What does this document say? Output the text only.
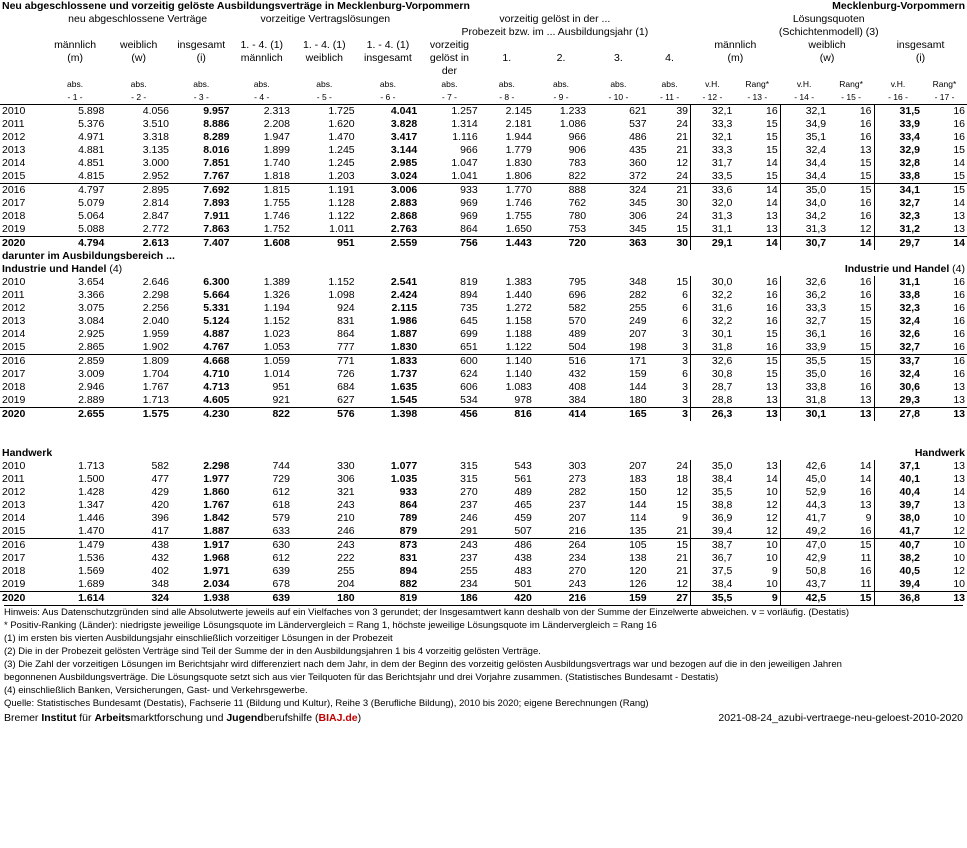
Neu abgeschlossene und vorzeitig gelöste Ausbildungsverträge in Mecklenburg-Vorpommern												Mecklenburg-Vorpommern					
	neu abgeschlossene Verträge			vorzeitige Vertragslösungen			vorzeitig gelöst in der ...					Lösungsquoten					
							Probezeit bzw. im ... Ausbildungsjahr (1)					(Schichtenmodell) (3)					
	männlich	weiblich	insgesamt	1. - 4. (1)	1. - 4. (1)	1. - 4. (1)	vorzeitig					männlich		weiblich		insgesamt	
	(m)	(w)	(i)	männlich	weiblich	insgesamt	gelöst in	1.	2.	3.	4.	(m)		(w)		(i)	
							der										
	abs.	abs.	abs.	abs.	abs.	abs.	abs.	abs.	abs.	abs.	abs.	v.H.	Rang*	v.H.	Rang*	v.H.	Rang*
	- 1 -	- 2 -	- 3 -	- 4 -	- 5 -	- 6 -	- 7 -	- 8 -	- 9 -	- 10 -	- 11 -	- 12 -	- 13 -	- 14 -	- 15 -	- 16 -	- 17 -
2010	5.898	4.056	9.957	2.313	1.725	4.041	1.257	2.145	1.233	621	39	32,1	16	32,1	16	31,5	16
2011	5.376	3.510	8.886	2.208	1.620	3.828	1.314	2.181	1.086	537	24	33,3	15	34,9	16	33,9	16
2012	4.971	3.318	8.289	1.947	1.470	3.417	1.116	1.944	966	486	21	32,1	15	35,1	16	33,4	16
2013	4.881	3.135	8.016	1.899	1.245	3.144	966	1.779	906	435	21	33,3	15	32,4	13	32,9	15
2014	4.851	3.000	7.851	1.740	1.245	2.985	1.047	1.830	783	360	12	31,7	14	34,4	15	32,8	14
2015	4.815	2.952	7.767	1.818	1.203	3.024	1.041	1.806	822	372	24	33,5	15	34,4	15	33,8	15
2016	4.797	2.895	7.692	1.815	1.191	3.006	933	1.770	888	324	21	33,6	14	35,0	15	34,1	15
2017	5.079	2.814	7.893	1.755	1.128	2.883	969	1.746	762	345	30	32,0	14	34,0	16	32,7	14
2018	5.064	2.847	7.911	1.746	1.122	2.868	969	1.755	780	306	24	31,3	13	34,2	16	32,3	13
2019	5.088	2.772	7.863	1.752	1.011	2.763	864	1.650	753	345	15	31,1	13	31,3	12	31,2	13
2020	4.794	2.613	7.407	1.608	951	2.559	756	1.443	720	363	30	29,1	14	30,7	14	29,7	14
darunter im Ausbildungsbereich ...																	
Industrie und Handel (4)												Industrie und Handel (4)					
2010	3.654	2.646	6.300	1.389	1.152	2.541	819	1.383	795	348	15	30,0	16	32,6	16	31,1	16
2011	3.366	2.298	5.664	1.326	1.098	2.424	894	1.440	696	282	6	32,2	16	36,2	16	33,8	16
2012	3.075	2.256	5.331	1.194	924	2.115	735	1.272	582	255	6	31,6	16	33,3	15	32,3	16
2013	3.084	2.040	5.124	1.152	831	1.986	645	1.158	570	249	6	32,2	16	32,7	15	32,4	16
2014	2.925	1.959	4.887	1.023	864	1.887	699	1.188	489	207	3	30,1	15	36,1	16	32,6	16
2015	2.865	1.902	4.767	1.053	777	1.830	651	1.122	504	198	3	31,8	16	33,9	15	32,7	16
2016	2.859	1.809	4.668	1.059	771	1.833	600	1.140	516	171	3	32,6	15	35,5	15	33,7	16
2017	3.009	1.704	4.710	1.014	726	1.737	624	1.140	432	159	6	30,8	15	35,0	16	32,4	16
2018	2.946	1.767	4.713	951	684	1.635	606	1.083	408	144	3	28,7	13	33,8	16	30,6	13
2019	2.889	1.713	4.605	921	627	1.545	534	978	384	180	3	28,8	13	31,8	13	29,3	13
2020	2.655	1.575	4.230	822	576	1.398	456	816	414	165	3	26,3	13	30,1	13	27,8	13

Handwerk												Handwerk					
2010	1.713	582	2.298	744	330	1.077	315	543	303	207	24	35,0	13	42,6	14	37,1	13
2011	1.500	477	1.977	729	306	1.035	315	561	273	183	18	38,4	14	45,0	14	40,1	13
2012	1.428	429	1.860	612	321	933	270	489	282	150	12	35,5	10	52,9	16	40,4	14
2013	1.347	420	1.767	618	243	864	237	465	237	144	15	38,8	12	44,3	13	39,7	13
2014	1.446	396	1.842	579	210	789	246	459	207	114	9	36,9	12	41,7	9	38,0	10
2015	1.470	417	1.887	633	246	879	291	507	216	135	21	39,4	12	49,2	16	41,7	12
2016	1.479	438	1.917	630	243	873	243	486	264	105	15	38,7	10	47,0	15	40,7	10
2017	1.536	432	1.968	612	222	831	237	438	234	138	21	36,7	10	42,9	11	38,2	10
2018	1.569	402	1.971	639	255	894	255	483	270	120	21	37,5	9	50,8	16	40,5	12
2019	1.689	348	2.034	678	204	882	234	501	243	126	12	38,4	10	43,7	11	39,4	10
2020	1.614	324	1.938	639	180	819	186	420	216	159	27	35,5	9	42,5	15	36,8	13
Hinweis: Aus Datenschutzgründen sind alle Absolutwerte jeweils auf ein Vielfaches von 3 gerundet; der Insgesamtwert kann deshalb von der Summe der Einzelwerte abweichen. v = vorläufig. (Destatis)
* Positiv-Ranking (Länder): niedrigste jeweilige Lösungsquote im Ländervergleich = Rang 1, höchste jeweilige Lösungsquote im Ländervergleich = Rang 16
(1) im ersten bis vierten Ausbildungsjahr einschließlich vorzeitiger Lösungen in der Probezeit
(2) Die in der Probezeit gelösten Verträge sind Teil der Summe der in den Ausbildungsjahren 1 bis 4 vorzeitig gelösten Verträge.
(3) Die Zahl der vorzeitigen Lösungen im Berichtsjahr wird differenziert nach dem Jahr, in dem der Beginn des vorzeitig gelösten Ausbildungsvertrags war und bezogen auf die in den jeweiligen Jahren
begonnenen Ausbildungsverträge. Die Lösungsquote setzt sich aus vier Teilquoten für das Berichtsjahr und drei Vorjahre zusammen. (Statistisches Bundesamt - Destatis)
(4) einschließlich Banken, Versicherungen, Gast- und Verkehrsgewerbe.
Quelle: Statistisches Bundesamt (Destatis), Fachserie 11 (Bildung und Kultur), Reihe 3 (Berufliche Bildung), 2010 bis 2020; eigene Berechnungen (Rang)
Bremer Institut für Arbeitsmarktforschung und Jugendberufshilfe (BIAJ.de)	2021-08-24_azubi-vertraege-neu-geloest-2010-2020
